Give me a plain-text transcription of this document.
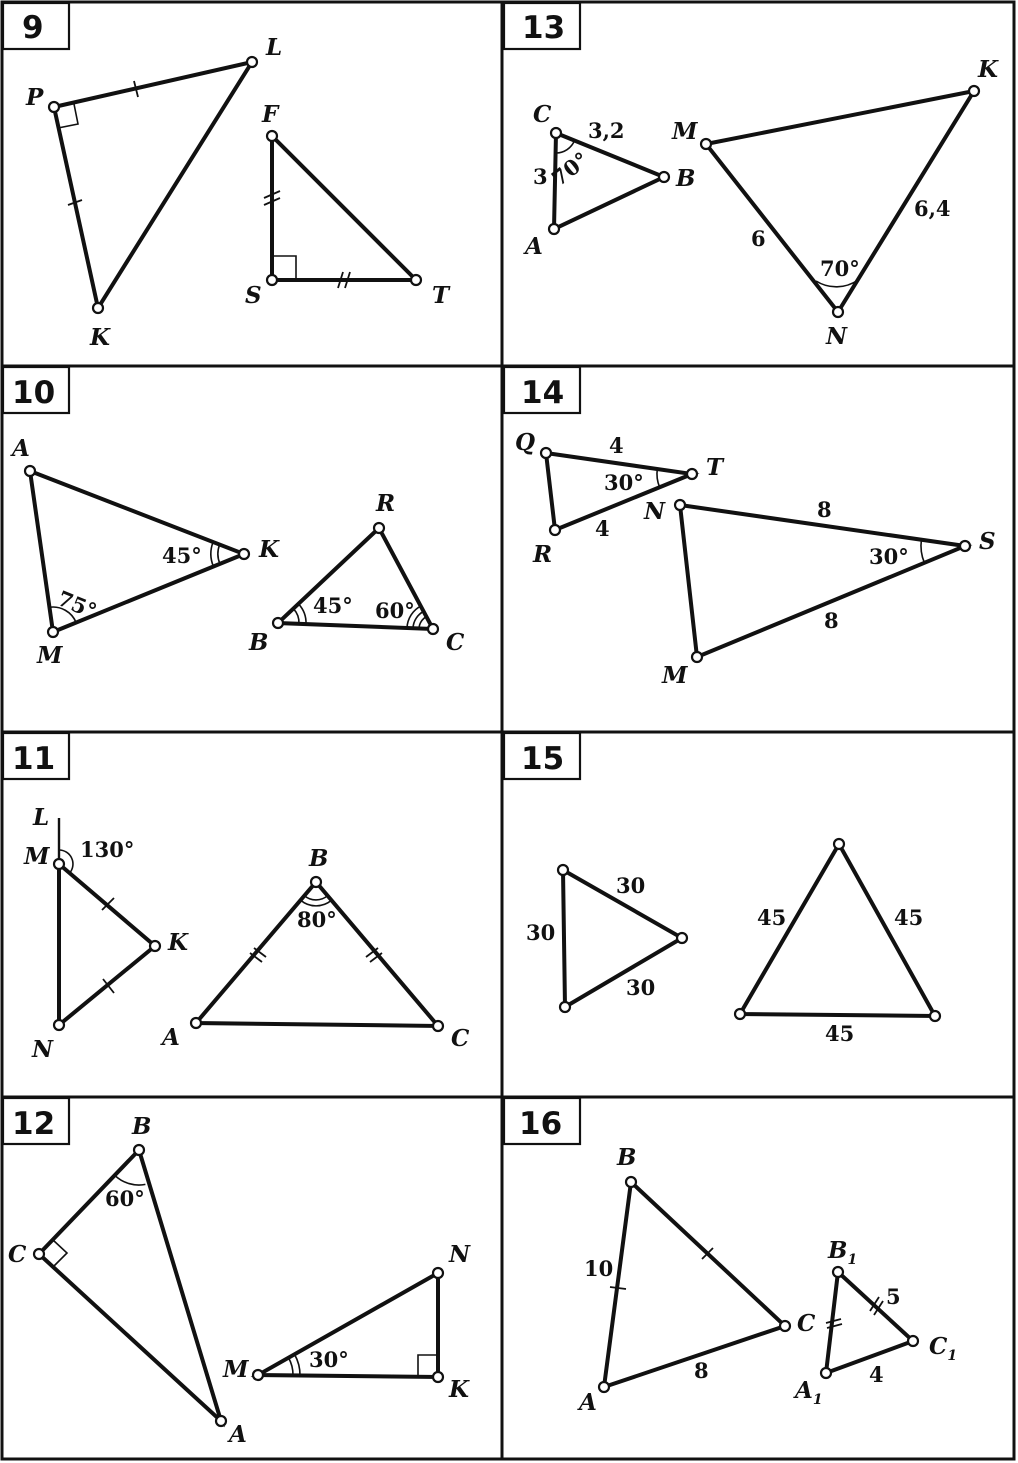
9
P
L
K
F
S	T
13
C
B
A
3,2
3 70°
M
K
N
6
6,4
70°
10
A
K
M
45°
75°
R
B	C
45° 60°
14
Q
T
R
4
30°
4
N
S
M
8
30°
8
11
L
M
K
N
130°	B
A	C
80°
15
30
30
30
45	45
45
12	B
C
A
60°
N
M
K
30°
16
B
C
A
10
8
$B_1$
$C_1$
$A_1$
5
4
